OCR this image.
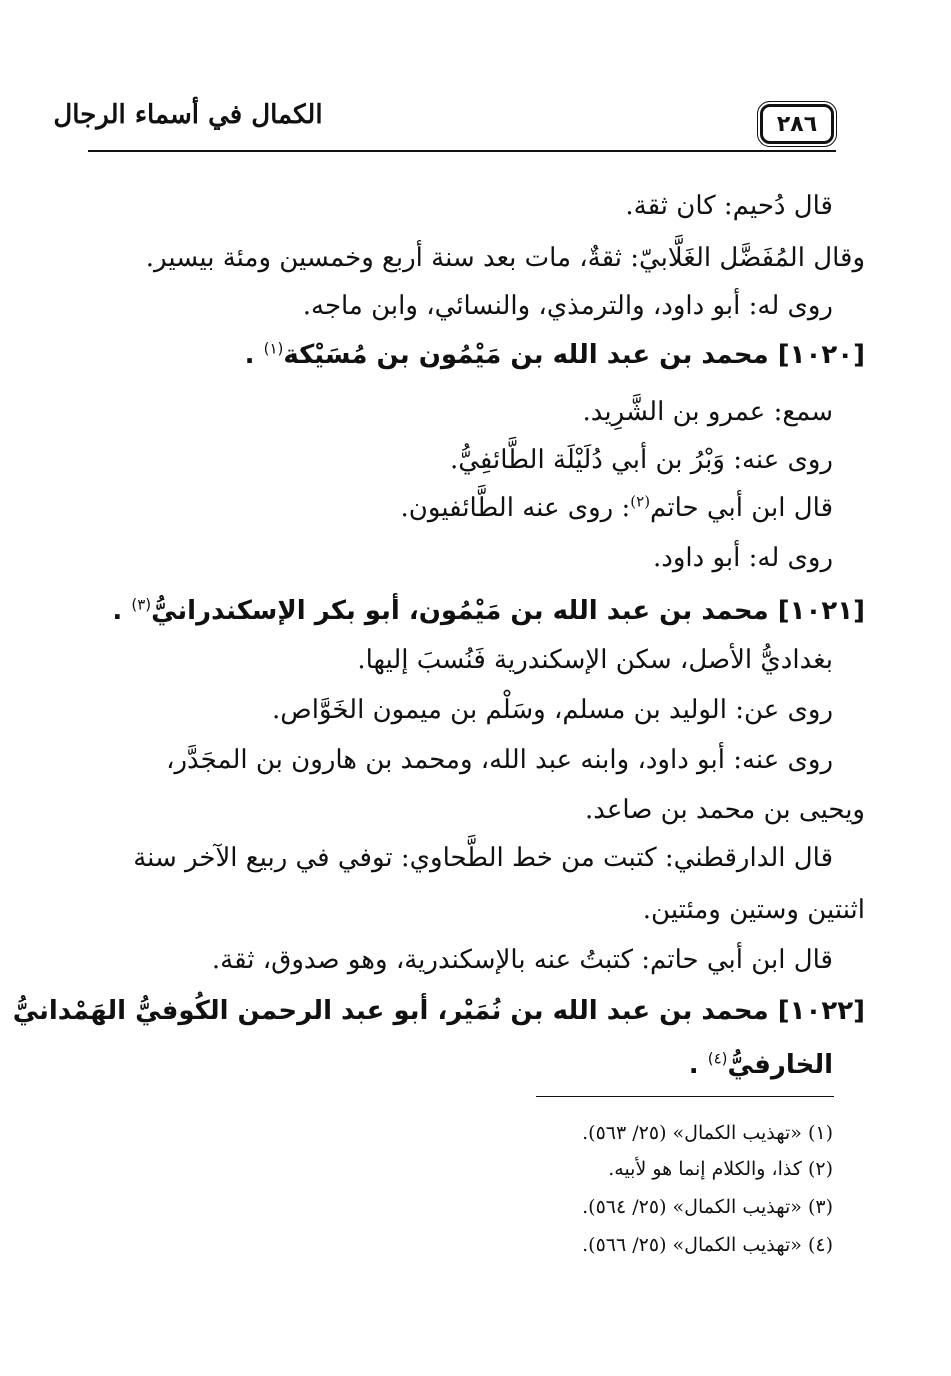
الكمال في أسماء الرجال	٢٨٦
قال دُحيم: كان ثقة.
وقال المُفَضَّل الغَلَّابيّ: ثقةٌ، مات بعد سنة أربع وخمسين ومئة بيسير.
روى له: أبو داود، والترمذي، والنسائي، وابن ماجه.
[١٠٢٠] محمد بن عبد الله بن مَيْمُون بن مُسَيْكة$^{(١)}$ .
سمع: عمرو بن الشَّرِيد.
روى عنه: وَبْرُ بن أبي دُلَيْلَة الطَّائفِيُّ.
قال ابن أبي حاتم$^{(٢)}$: روى عنه الطَّائفيون.
روى له: أبو داود.
[١٠٢١] محمد بن عبد الله بن مَيْمُون، أبو بكر الإسكندرانيُّ$^{(٣)}$ .
بغداديُّ الأصل، سكن الإسكندرية فَنُسبَ إليها.
روى عن: الوليد بن مسلم، وسَلْم بن ميمون الخَوَّاص.
روى عنه: أبو داود، وابنه عبد الله، ومحمد بن هارون بن المجَدَّر،
ويحيى بن محمد بن صاعد.
قال الدارقطني: كتبت من خط الطَّحاوي: توفي في ربيع الآخر سنة
اثنتين وستين ومئتين.
قال ابن أبي حاتم: كتبتُ عنه بالإسكندرية، وهو صدوق، ثقة.
[١٠٢٢] محمد بن عبد الله بن نُمَيْر، أبو عبد الرحمن الكُوفيُّ الهَمْدانيُّ
الخارفيُّ$^{(٤)}$ .
(١) «تهذيب الكمال» (٢٥/ ٥٦٣).
(٢) كذا، والكلام إنما هو لأبيه.
(٣) «تهذيب الكمال» (٢٥/ ٥٦٤).
(٤) «تهذيب الكمال» (٢٥/ ٥٦٦).
